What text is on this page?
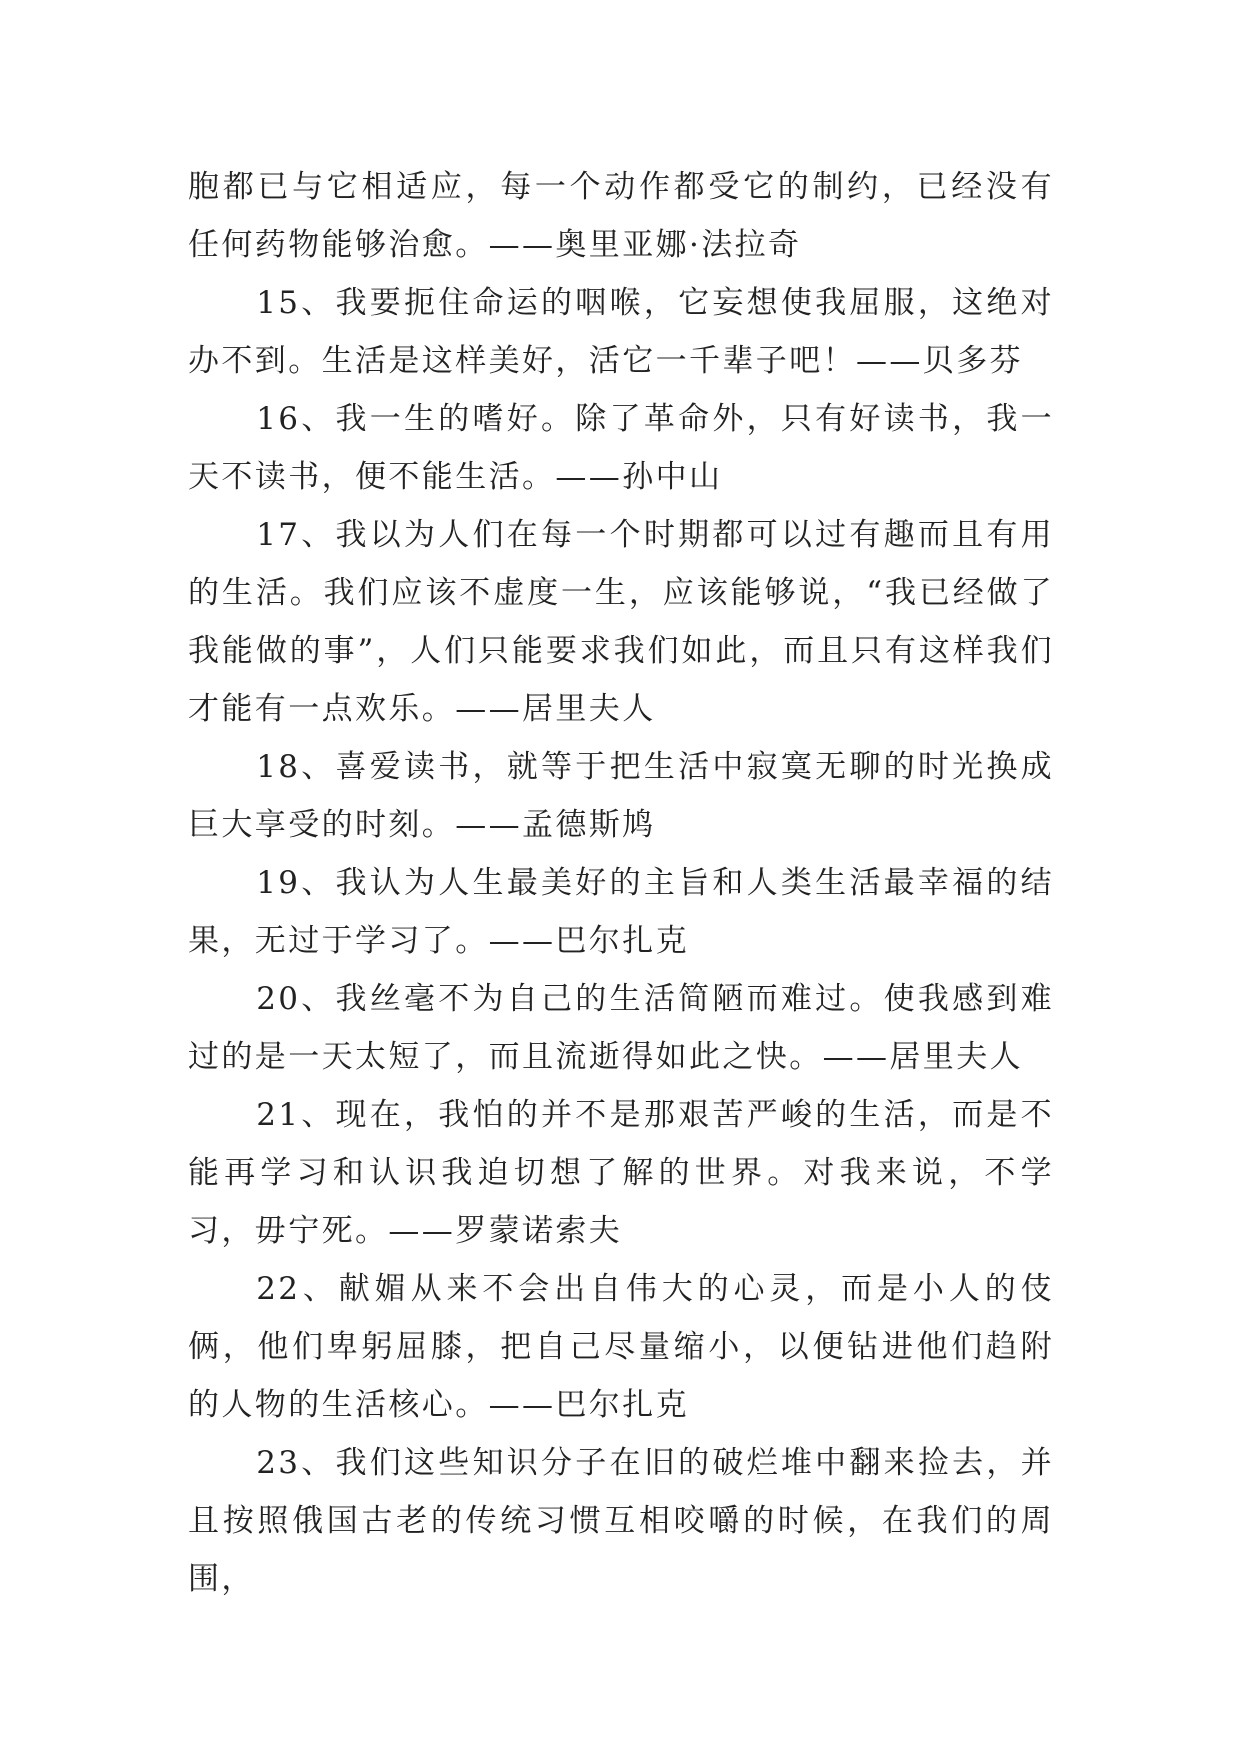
胞都已与它相适应，每一个动作都受它的制约，已经没有任何药物能够治愈。——奥里亚娜·法拉奇

15、我要扼住命运的咽喉，它妄想使我屈服，这绝对办不到。生活是这样美好，活它一千辈子吧！——贝多芬

16、我一生的嗜好。除了革命外，只有好读书，我一天不读书，便不能生活。——孙中山

17、我以为人们在每一个时期都可以过有趣而且有用的生活。我们应该不虚度一生，应该能够说，“我已经做了我能做的事”，人们只能要求我们如此，而且只有这样我们才能有一点欢乐。——居里夫人

18、喜爱读书，就等于把生活中寂寞无聊的时光换成巨大享受的时刻。——孟德斯鸠

19、我认为人生最美好的主旨和人类生活最幸福的结果，无过于学习了。——巴尔扎克

20、我丝毫不为自己的生活简陋而难过。使我感到难过的是一天太短了，而且流逝得如此之快。——居里夫人

21、现在，我怕的并不是那艰苦严峻的生活，而是不能再学习和认识我迫切想了解的世界。对我来说，不学习，毋宁死。——罗蒙诺索夫

22、献媚从来不会出自伟大的心灵，而是小人的伎俩，他们卑躬屈膝，把自己尽量缩小，以便钻进他们趋附的人物的生活核心。——巴尔扎克

23、我们这些知识分子在旧的破烂堆中翻来捡去，并且按照俄国古老的传统习惯互相咬嚼的时候，在我们的周围，
